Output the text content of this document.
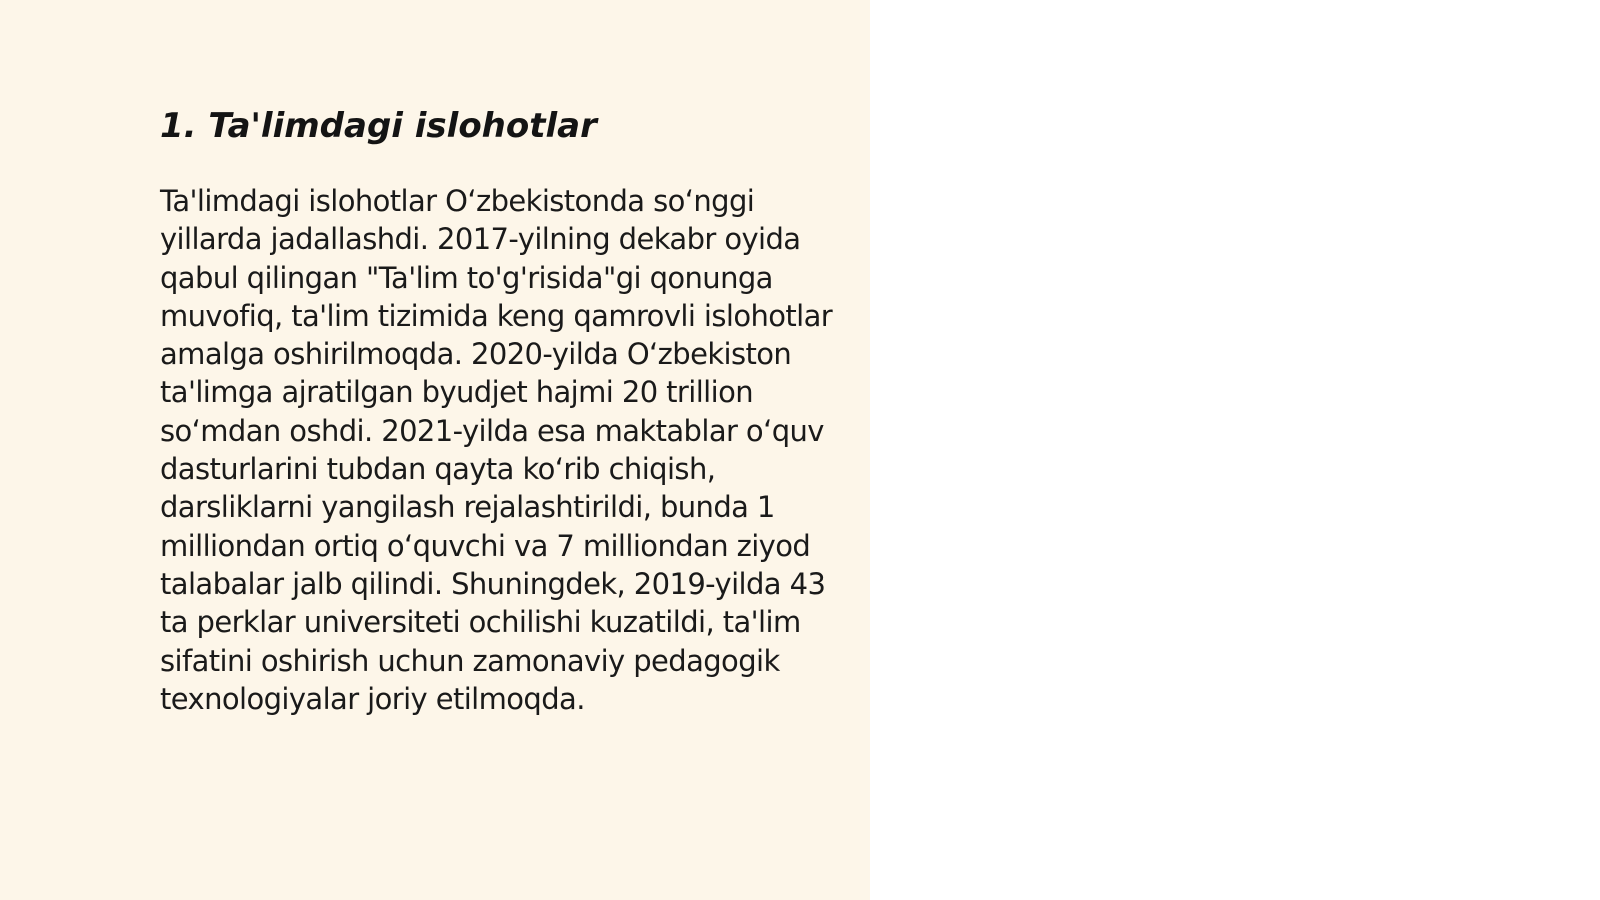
1. Ta'limdagi islohotlar

Ta'limdagi islohotlar O‘zbekistonda so‘nggi yillarda jadallashdi. 2017-yilning dekabr oyida qabul qilingan "Ta'lim to'g'risida"gi qonunga muvofiq, ta'lim tizimida keng qamrovli islohotlar amalga oshirilmoqda. 2020-yilda O‘zbekiston ta'limga ajratilgan byudjet hajmi 20 trillion so‘mdan oshdi. 2021-yilda esa maktablar o‘quv dasturlarini tubdan qayta ko‘rib chiqish, darsliklarni yangilash rejalashtirildi, bunda 1 milliondan ortiq o‘quvchi va 7 milliondan ziyod talabalar jalb qilindi. Shuningdek, 2019-yilda 43 ta perklar universiteti ochilishi kuzatildi, ta'lim sifatini oshirish uchun zamonaviy pedagogik texnologiyalar joriy etilmoqda.
